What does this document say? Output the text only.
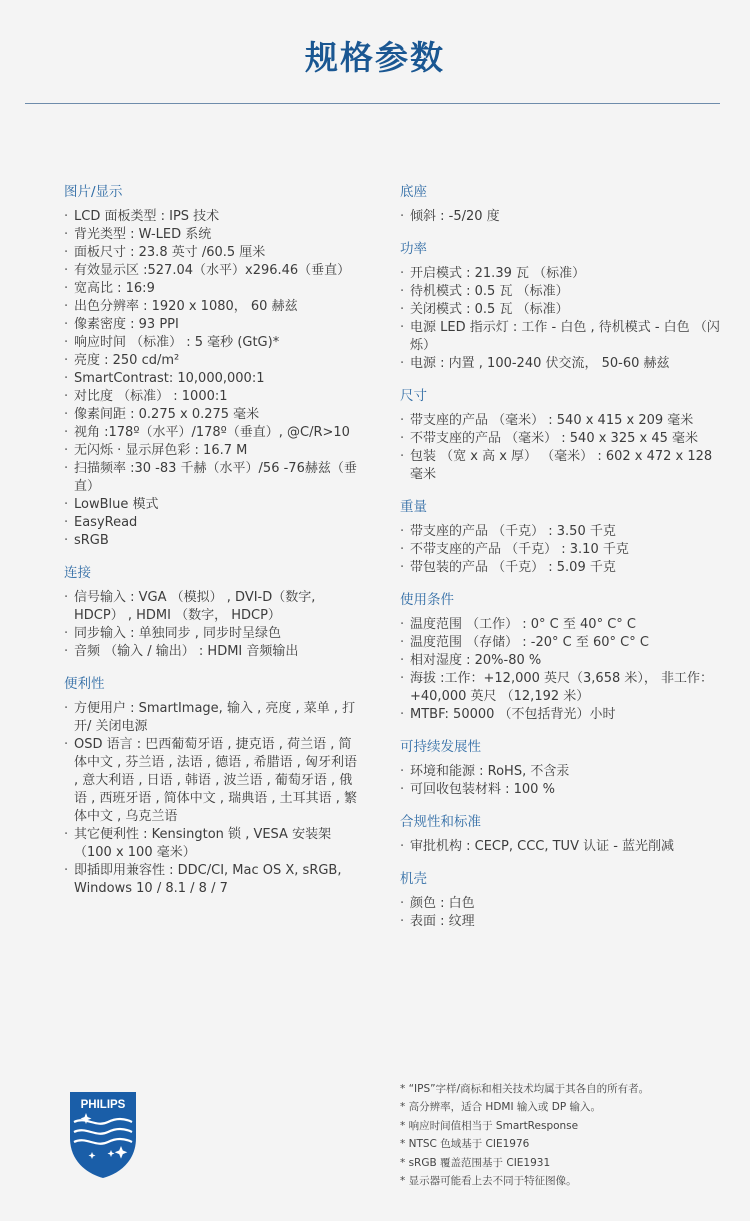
规格参数
图片/显示
· LCD 面板类型 : IPS 技术
· 背光类型 : W-LED 系统
· 面板尺寸 : 23.8 英寸 /60.5 厘米
· 有效显示区 :527.04（水平）x296.46（垂直）
· 宽高比 : 16:9
· 出色分辨率 : 1920 x 1080， 60 赫兹
· 像素密度 : 93 PPI
· 响应时间 （标准） : 5 毫秒 (GtG)*
· 亮度 : 250 cd/m²
· SmartContrast: 10,000,000:1
· 对比度 （标准） : 1000:1
· 像素间距 : 0.275 x 0.275 毫米
· 视角 :178º（水平）/178º（垂直）, @C/R>10
· 无闪烁 · 显示屏色彩 : 16.7 M
· 扫描频率 :30 -83 千赫（水平）/56 -76赫兹（垂直）
· LowBlue 模式
· EasyRead
· sRGB
连接
· 信号输入 : VGA （模拟） , DVI-D（数字, HDCP） , HDMI （数字， HDCP）
· 同步输入 : 单独同步 , 同步时呈绿色
· 音频 （输入 / 输出） : HDMI 音频输出
便利性
· 方便用户 : SmartImage, 输入 , 亮度 , 菜单 , 打开/ 关闭电源
· OSD 语言 : 巴西葡萄牙语 , 捷克语 , 荷兰语 , 简体中文 , 芬兰语 , 法语 , 德语 , 希腊语 , 匈牙利语 , 意大利语 , 日语 , 韩语 , 波兰语 , 葡萄牙语 , 俄语 , 西班牙语 , 简体中文 , 瑞典语 , 土耳其语 , 繁体中文 , 乌克兰语
· 其它便利性 : Kensington 锁 , VESA 安装架 （100 x 100 毫米）
· 即插即用兼容性 : DDC/CI, Mac OS X, sRGB, Windows 10 / 8.1 / 8 / 7
底座
· 倾斜 : -5/20 度
功率
· 开启模式 : 21.39 瓦 （标准）
· 待机模式 : 0.5 瓦 （标准）
· 关闭模式 : 0.5 瓦 （标准）
· 电源 LED 指示灯 : 工作 - 白色 , 待机模式 - 白色 （闪烁）
· 电源 : 内置 , 100-240 伏交流， 50-60 赫兹
尺寸
· 带支座的产品 （毫米） : 540 x 415 x 209 毫米
· 不带支座的产品 （毫米） : 540 x 325 x 45 毫米
· 包装 （宽 x 高 x 厚） （毫米） : 602 x 472 x 128 毫米
重量
· 带支座的产品 （千克） : 3.50 千克
· 不带支座的产品 （千克） : 3.10 千克
· 带包装的产品 （千克） : 5.09 千克
使用条件
· 温度范围 （工作） : 0° C 至 40° C° C
· 温度范围 （存储） : -20° C 至 60° C° C
· 相对湿度 : 20%-80 %
· 海拔 :工作：+12,000 英尺（3,658 米）， 非工作：+40,000 英尺 （12,192 米）
· MTBF: 50000 （不包括背光）小时
可持续发展性
· 环境和能源 : RoHS, 不含汞
· 可回收包装材料 : 100 %
合规性和标准
· 审批机构 : CECP, CCC, TUV 认证 - 蓝光削减
机壳
· 颜色 : 白色
· 表面 : 纹理
PHILIPS

* “IPS”字样/商标和相关技术均属于其各自的所有者。

* 高分辨率，适合 HDMI 输入或 DP 输入。

* 响应时间值相当于 SmartResponse

* NTSC 色域基于 CIE1976

* sRGB 覆盖范围基于 CIE1931

* 显示器可能看上去不同于特征图像。
